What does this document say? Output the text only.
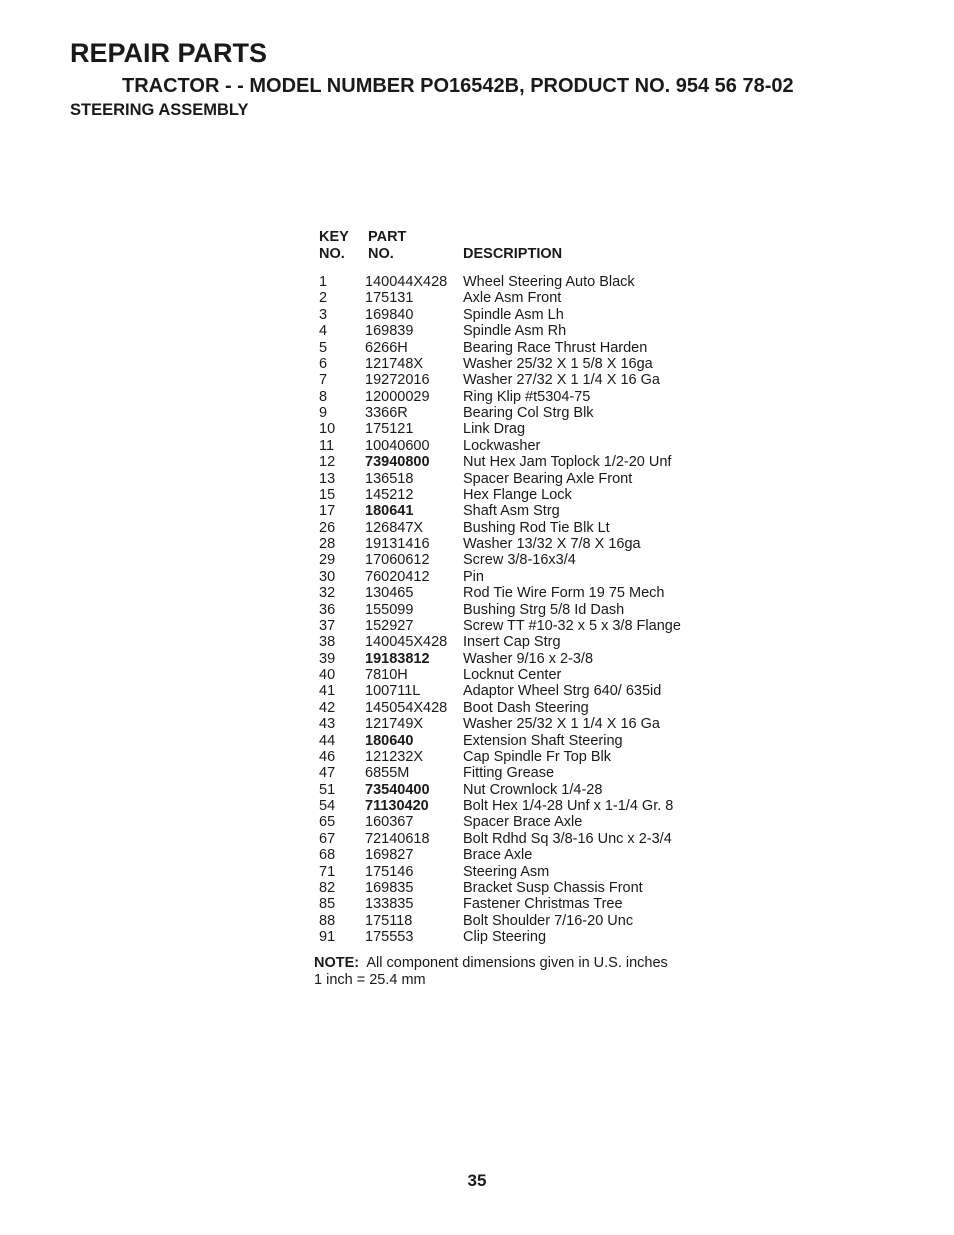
REPAIR PARTS
TRACTOR - - MODEL NUMBER PO16542B, PRODUCT NO. 954 56 78-02
STEERING ASSEMBLY
KEY
NO.
PART
NO.	DESCRIPTION
1	140044X428 Wheel Steering Auto Black
2	175131	Axle Asm Front
3	169840	Spindle Asm Lh
4	169839	Spindle Asm Rh
5	6266H	Bearing Race Thrust Harden
6	121748X	Washer 25/32 X 1 5/8 X 16ga
7	19272016 Washer 27/32 X 1 1/4 X 16 Ga
8	12000029 Ring Klip #t5304-75
9	3366R	Bearing Col Strg Blk
10 175121	Link Drag
11 10040600 Lockwasher
12 73940800 Nut Hex Jam Toplock 1/2-20 Unf
13 136518	Spacer Bearing Axle Front
15 145212	Hex Flange Lock
17 180641	Shaft Asm Strg
26 126847X	Bushing Rod Tie Blk Lt
28 19131416 Washer 13/32 X 7/8 X 16ga
29 17060612 Screw 3/8-16x3/4
30 76020412 Pin
32 130465	Rod Tie Wire Form 19 75 Mech
36 155099	Bushing Strg 5/8 Id Dash
37 152927	Screw TT #10-32 x 5 x 3/8 Flange
38 140045X428 Insert Cap Strg
39 19183812 Washer 9/16 x 2-3/8
40 7810H	Locknut Center
41 100711L	Adaptor Wheel Strg 640/ 635id
42 145054X428 Boot Dash Steering
43 121749X	Washer 25/32 X 1 1/4 X 16 Ga
44 180640	Extension Shaft Steering
46 121232X	Cap Spindle Fr Top Blk
47 6855M	Fitting Grease
51 73540400 Nut Crownlock 1/4-28
54 71130420 Bolt Hex 1/4-28 Unf x 1-1/4 Gr. 8
65 160367	Spacer Brace Axle
67 72140618 Bolt Rdhd Sq 3/8-16 Unc x 2-3/4
68 169827	Brace Axle
71 175146	Steering Asm
82 169835	Bracket Susp Chassis Front
85 133835	Fastener Christmas Tree
88 175118	Bolt Shoulder 7/16-20 Unc
91 175553	Clip Steering
NOTE: All component dimensions given in U.S. inches
1 inch = 25.4 mm
35
